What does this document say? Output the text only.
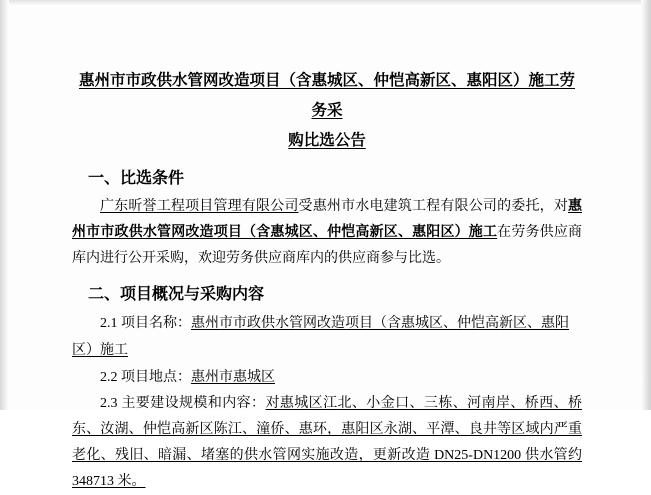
惠州市市政供水管网改造项目（含惠城区、仲恺高新区、惠阳区）施工劳务采
购比选公告
一、比选条件
广东昕誉工程项目管理有限公司受惠州市水电建筑工程有限公司的委托，对惠州市市政供水管网改造项目（含惠城区、仲恺高新区、惠阳区）施工在劳务供应商库内进行公开采购，欢迎劳务供应商库内的供应商参与比选。
二、项目概况与采购内容
2.1 项目名称：惠州市市政供水管网改造项目（含惠城区、仲恺高新区、惠阳区）施工
2.2 项目地点：惠州市惠城区
2.3 主要建设规模和内容：对惠城区江北、小金口、三栋、河南岸、桥西、桥东、汝湖、仲恺高新区陈江、潼侨、惠环，惠阳区永湖、平潭、良井等区域内严重老化、残旧、暗漏、堵塞的供水管网实施改造，更新改造 DN25-DN1200 供水管约 348713 米。
